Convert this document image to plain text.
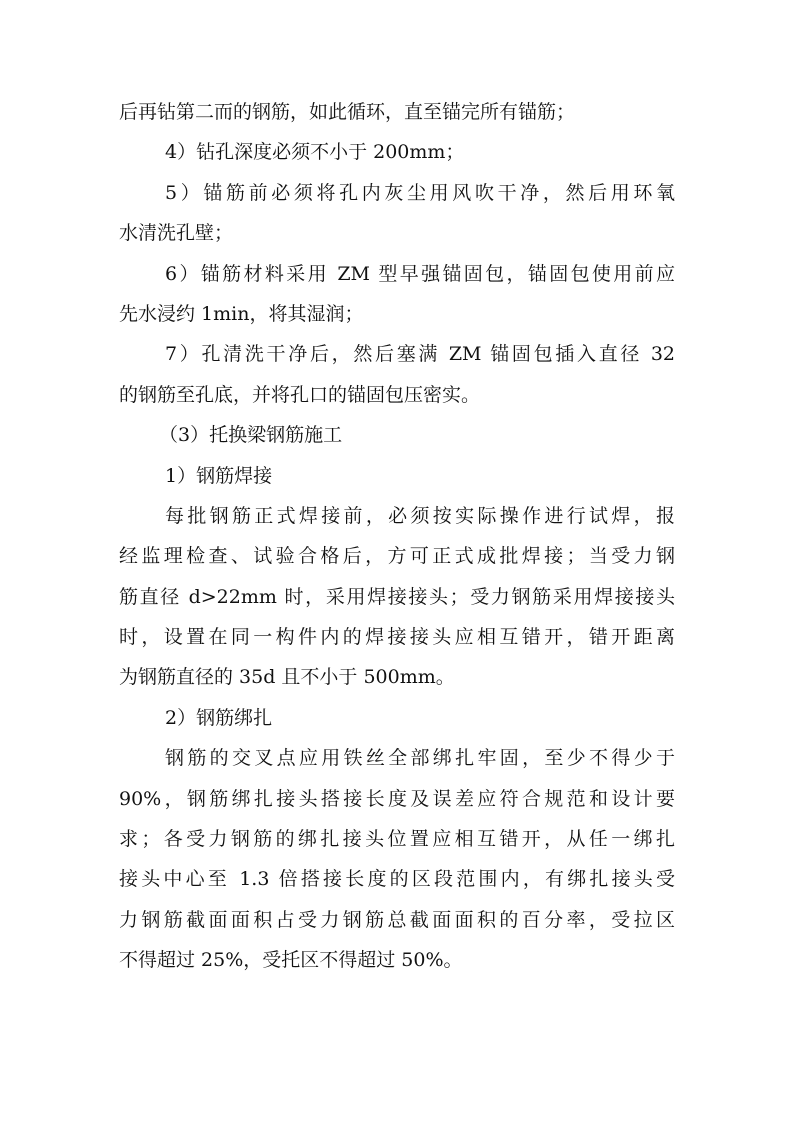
后再钻第二而的钢筋，如此循环，直至锚完所有锚筋；
4）钻孔深度必须不小于 200mm；
5）锚筋前必须将孔内灰尘用风吹干净，然后用环氧
水清洗孔壁；
6）锚筋材料采用 ZM 型早强锚固包，锚固包使用前应
先水浸约 1min，将其湿润；
7）孔清洗干净后，然后塞满 ZM 锚固包插入直径 32
的钢筋至孔底，并将孔口的锚固包压密实。
（3）托换梁钢筋施工
1）钢筋焊接
每批钢筋正式焊接前，必须按实际操作进行试焊，报
经监理检查、试验合格后，方可正式成批焊接；当受力钢
筋直径 d>22mm 时，采用焊接接头；受力钢筋采用焊接接头
时，设置在同一构件内的焊接接头应相互错开，错开距离
为钢筋直径的 35d 且不小于 500mm。
2）钢筋绑扎
钢筋的交叉点应用铁丝全部绑扎牢固，至少不得少于
90%，钢筋绑扎接头搭接长度及误差应符合规范和设计要
求；各受力钢筋的绑扎接头位置应相互错开，从任一绑扎
接头中心至 1.3 倍搭接长度的区段范围内，有绑扎接头受
力钢筋截面面积占受力钢筋总截面面积的百分率，受拉区
不得超过 25%，受托区不得超过 50%。
